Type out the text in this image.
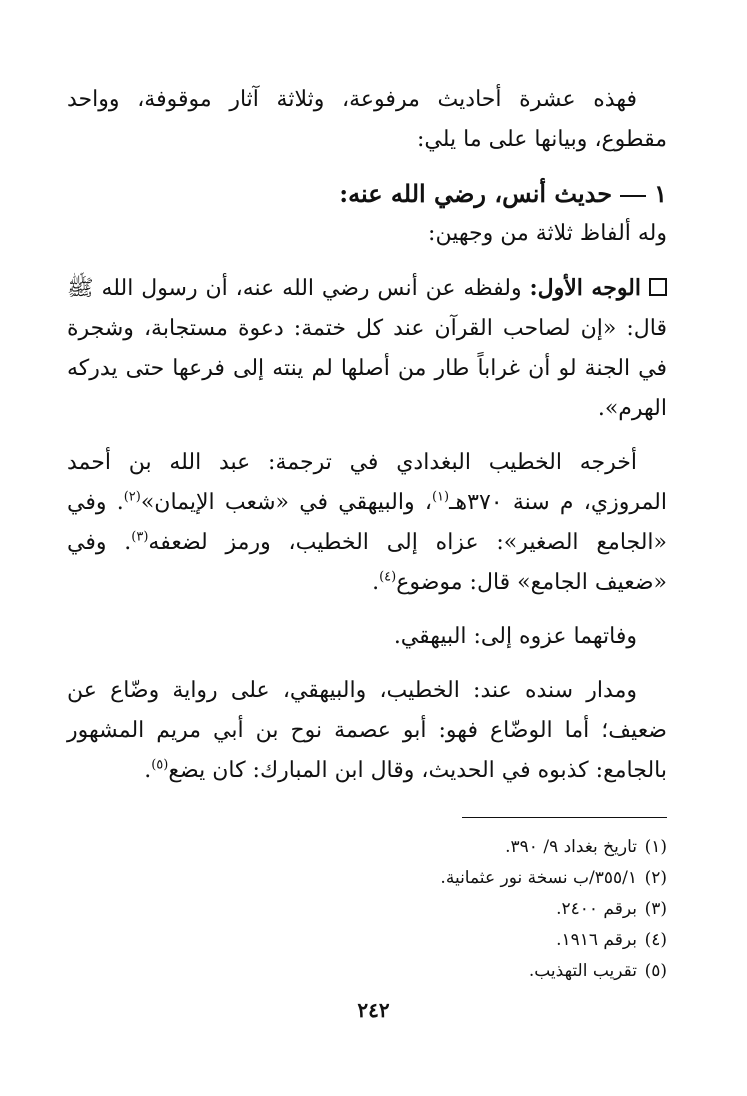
فهذه عشرة أحاديث مرفوعة، وثلاثة آثار موقوفة، وواحد مقطوع، وبيانها على ما يلي:

١حديث أنس، رضي الله عنه:

وله ألفاظ ثلاثة من وجهين:

الوجه الأول: ولفظه عن أنس رضي الله عنه، أن رسول الله ﷺ قال: «إن لصاحب القرآن عند كل ختمة: دعوة مستجابة، وشجرة في الجنة لو أن غراباً طار من أصلها لم ينته إلى فرعها حتى يدركه الهرم».

أخرجه الخطيب البغدادي في ترجمة: عبد الله بن أحمد المروزي، م سنة ٣٧٠هـ$^{(١)}$، والبيهقي في «شعب الإيمان»$^{(٢)}$. وفي «الجامع الصغير»: عزاه إلى الخطيب، ورمز لضعفه$^{(٣)}$. وفي «ضعيف الجامع» قال: موضوع$^{(٤)}$.

وفاتهما عزوه إلى: البيهقي.

ومدار سنده عند: الخطيب، والبيهقي، على رواية وضّاع عن ضعيف؛ أما الوضّاع فهو: أبو عصمة نوح بن أبي مريم المشهور بالجامع: كذبوه في الحديث، وقال ابن المبارك: كان يضع$^{(٥)}$.

(١)
تاريخ بغداد ٩/ ٣٩٠.
(٢)
٣٥٥/١/ب نسخة نور عثمانية.
(٣)
برقم ٢٤٠٠.
(٤)
برقم ١٩١٦.
(٥)
تقريب التهذيب.
٢٤٢
